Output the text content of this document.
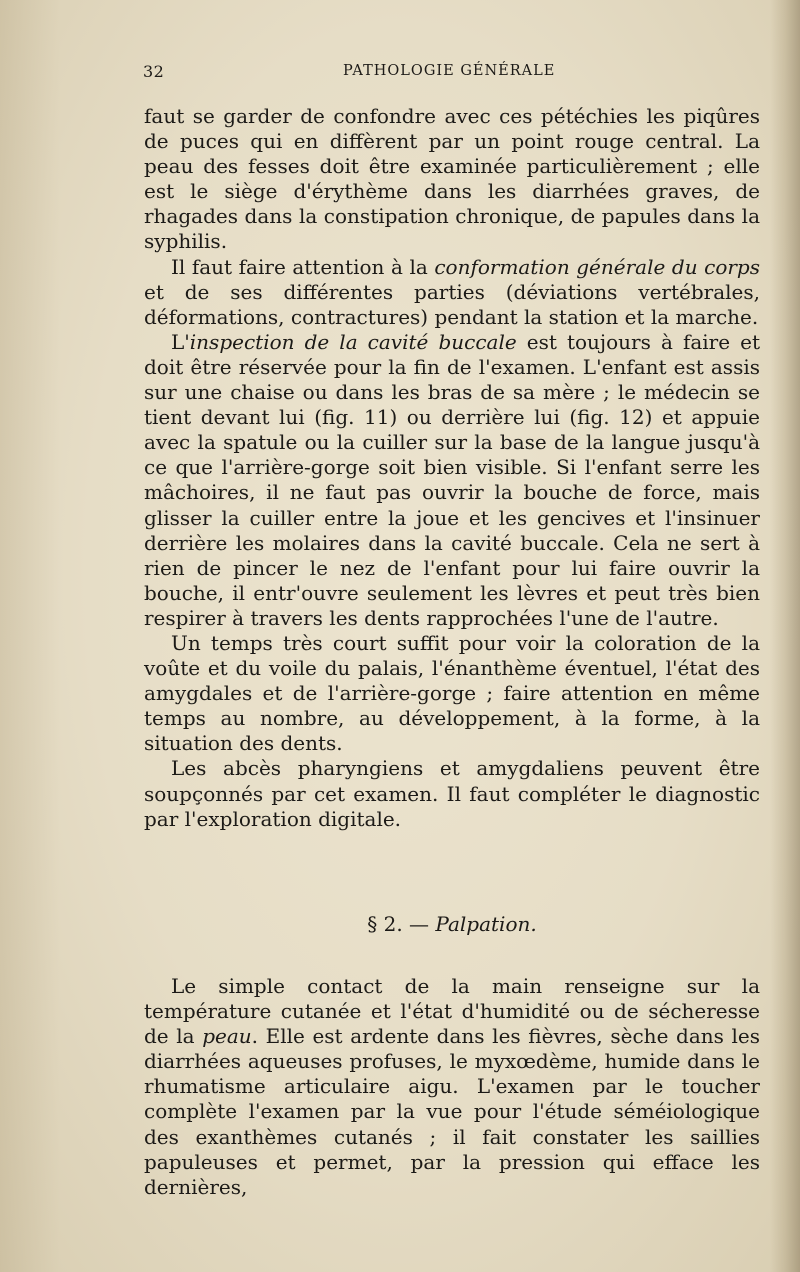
32	PATHOLOGIE GÉNÉRALE

faut se garder de confondre avec ces pétéchies les piqûres de puces qui en diffèrent par un point rouge central. La peau des fesses doit être examinée particulièrement ; elle est le siège d'érythème dans les diarrhées graves, de rhagades dans la constipation chronique, de papules dans la syphilis.

Il faut faire attention à la conformation générale du corps et de ses différentes parties (déviations vertébrales, déformations, contractures) pendant la station et la marche.

L'inspection de la cavité buccale est toujours à faire et doit être réservée pour la fin de l'examen. L'enfant est assis sur une chaise ou dans les bras de sa mère ; le médecin se tient devant lui (fig. 11) ou derrière lui (fig. 12) et appuie avec la spatule ou la cuiller sur la base de la langue jusqu'à ce que l'arrière-gorge soit bien visible. Si l'enfant serre les mâchoires, il ne faut pas ouvrir la bouche de force, mais glisser la cuiller entre la joue et les gencives et l'insinuer derrière les molaires dans la cavité buccale. Cela ne sert à rien de pincer le nez de l'enfant pour lui faire ouvrir la bouche, il entr'ouvre seulement les lèvres et peut très bien respirer à travers les dents rapprochées l'une de l'autre.

Un temps très court suffit pour voir la coloration de la voûte et du voile du palais, l'énanthème éventuel, l'état des amygdales et de l'arrière-gorge ; faire attention en même temps au nombre, au développement, à la forme, à la situation des dents.

Les abcès pharyngiens et amygdaliens peuvent être soupçonnés par cet examen. Il faut compléter le diagnostic par l'exploration digitale.

§ 2. — Palpation.

Le simple contact de la main renseigne sur la température cutanée et l'état d'humidité ou de sécheresse de la peau. Elle est ardente dans les fièvres, sèche dans les diarrhées aqueuses profuses, le myxœdème, humide dans le rhumatisme articulaire aigu. L'examen par le toucher complète l'examen par la vue pour l'étude séméiologique des exanthèmes cutanés ; il fait constater les saillies papuleuses et permet, par la pression qui efface les dernières,
